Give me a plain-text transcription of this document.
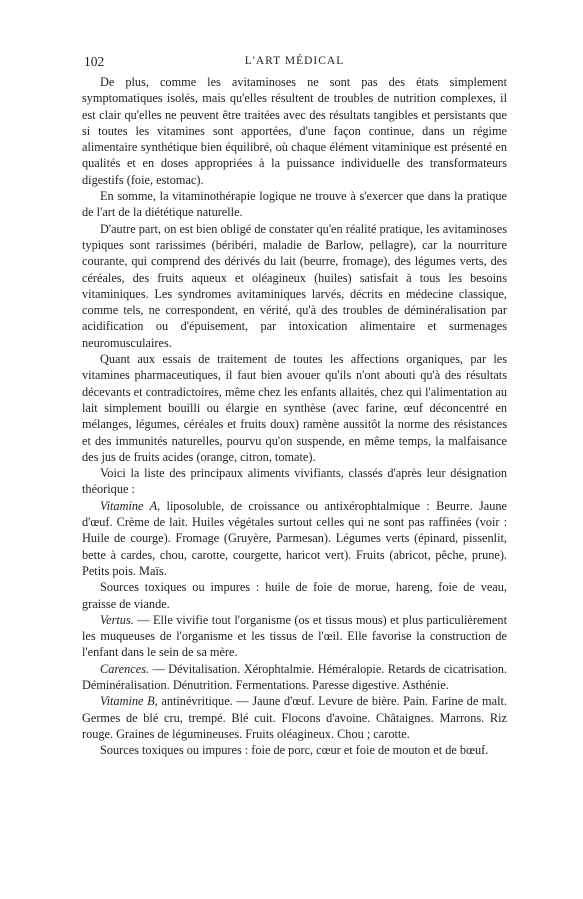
102	L'ART MÉDICAL

De plus, comme les avitaminoses ne sont pas des états simplement symptomatiques isolés, mais qu'elles résultent de troubles de nutrition complexes, il est clair qu'elles ne peuvent être traitées avec des résultats tangibles et persistants que si toutes les vitamines sont apportées, d'une façon continue, dans un régime alimentaire synthétique bien équilibré, où chaque élément vitaminique est présenté en qualités et en doses appropriées à la puissance individuelle des transformateurs digestifs (foie, estomac).

En somme, la vitaminothérapie logique ne trouve à s'exercer que dans la pratique de l'art de la diététique naturelle.

D'autre part, on est bien obligé de constater qu'en réalité pratique, les avitaminoses typiques sont rarissimes (béribéri, maladie de Barlow, pellagre), car la nourriture courante, qui comprend des dérivés du lait (beurre, fromage), des légumes verts, des céréales, des fruits aqueux et oléagineux (huiles) satisfait à tous les besoins vitaminiques. Les syndromes avitaminiques larvés, décrits en médecine classique, comme tels, ne correspondent, en vérité, qu'à des troubles de déminéralisation par acidification ou d'épuisement, par intoxication alimentaire et surmenages neuromusculaires.

Quant aux essais de traitement de toutes les affections organiques, par les vitamines pharmaceutiques, il faut bien avouer qu'ils n'ont abouti qu'à des résultats décevants et contradictoires, même chez les enfants allaités, chez qui l'alimentation au lait simplement bouilli ou élargie en synthèse (avec farine, œuf déconcentré en mélanges, légumes, céréales et fruits doux) ramène aussitôt la norme des résistances et des immunités naturelles, pourvu qu'on suspende, en même temps, la malfaisance des jus de fruits acides (orange, citron, tomate).

Voici la liste des principaux aliments vivifiants, classés d'après leur désignation théorique :

Vitamine A, liposoluble, de croissance ou antixérophtalmique : Beurre. Jaune d'œuf. Crème de lait. Huiles végétales surtout celles qui ne sont pas raffinées (voir : Huile de courge). Fromage (Gruyère, Parmesan). Légumes verts (épinard, pissenlit, bette à cardes, chou, carotte, courgette, haricot vert). Fruits (abricot, pêche, prune). Petits pois. Maïs.

Sources toxiques ou impures : huile de foie de morue, hareng, foie de veau, graisse de viande.

Vertus. — Elle vivifie tout l'organisme (os et tissus mous) et plus particulièrement les muqueuses de l'organisme et les tissus de l'œil. Elle favorise la construction de l'enfant dans le sein de sa mère.

Carences. — Dévitalisation. Xérophtalmie. Héméralopie. Retards de cicatrisation. Déminéralisation. Dénutrition. Fermentations. Paresse digestive. Asthénie.

Vitamine B, antinévritique. — Jaune d'œuf. Levure de bière. Pain. Farine de malt. Germes de blé cru, trempé. Blé cuit. Flocons d'avoine. Châtaignes. Marrons. Riz rouge. Graines de légumineuses. Fruits oléagineux. Chou ; carotte.

Sources toxiques ou impures : foie de porc, cœur et foie de mouton et de bœuf.
